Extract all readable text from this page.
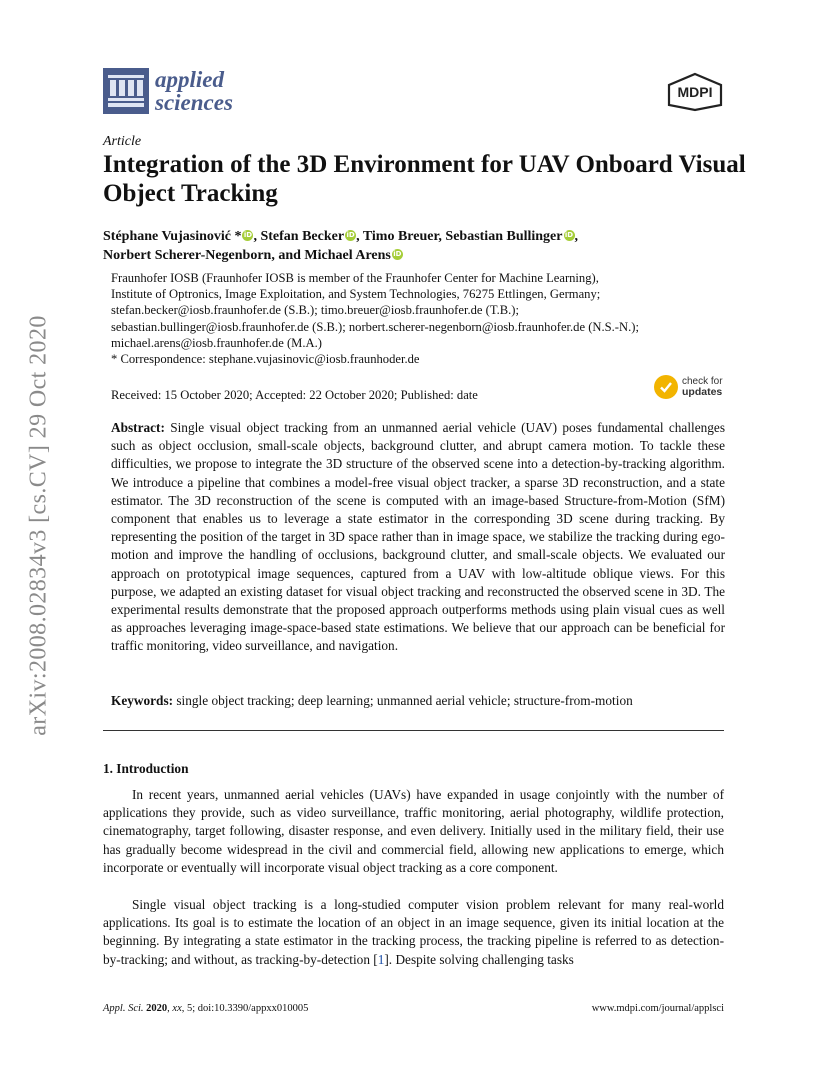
arXiv:2008.02834v3 [cs.CV] 29 Oct 2020
applied
sciences	MDPI
Article
Integration of the 3D Environment for UAV Onboard Visual Object Tracking
Stéphane Vujasinović * iD, Stefan Becker iD, Timo Breuer, Sebastian Bullinger iD,
Norbert Scherer-Negenborn, and Michael Arens iD
Fraunhofer IOSB (Fraunhofer IOSB is member of the Fraunhofer Center for Machine Learning),
Institute of Optronics, Image Exploitation, and System Technologies, 76275 Ettlingen, Germany;
stefan.becker@iosb.fraunhofer.de (S.B.); timo.breuer@iosb.fraunhofer.de (T.B.);
sebastian.bullinger@iosb.fraunhofer.de (S.B.); norbert.scherer-negenborn@iosb.fraunhofer.de (N.S.-N.);
michael.arens@iosb.fraunhofer.de (M.A.)
* Correspondence: stephane.vujasinovic@iosb.fraunhoder.de
Received: 15 October 2020; Accepted: 22 October 2020; Published: date
check for
updates

Abstract: Single visual object tracking from an unmanned aerial vehicle (UAV) poses fundamental challenges such as object occlusion, small-scale objects, background clutter, and abrupt camera motion. To tackle these difficulties, we propose to integrate the 3D structure of the observed scene into a detection-by-tracking algorithm. We introduce a pipeline that combines a model-free visual object tracker, a sparse 3D reconstruction, and a state estimator. The 3D reconstruction of the scene is computed with an image-based Structure-from-Motion (SfM) component that enables us to leverage a state estimator in the corresponding 3D scene during tracking. By representing the position of the target in 3D space rather than in image space, we stabilize the tracking during ego-motion and improve the handling of occlusions, background clutter, and small-scale objects. We evaluated our approach on prototypical image sequences, captured from a UAV with low-altitude oblique views. For this purpose, we adapted an existing dataset for visual object tracking and reconstructed the observed scene in 3D. The experimental results demonstrate that the proposed approach outperforms methods using plain visual cues as well as approaches leveraging image-space-based state estimations. We believe that our approach can be beneficial for traffic monitoring, video surveillance, and navigation.

Keywords: single object tracking; deep learning; unmanned aerial vehicle; structure-from-motion
1. Introduction

In recent years, unmanned aerial vehicles (UAVs) have expanded in usage conjointly with the number of applications they provide, such as video surveillance, traffic monitoring, aerial photography, wildlife protection, cinematography, target following, disaster response, and even delivery. Initially used in the military field, their use has gradually become widespread in the civil and commercial field, allowing new applications to emerge, which incorporate or eventually will incorporate visual object tracking as a core component.

Single visual object tracking is a long-studied computer vision problem relevant for many real-world applications. Its goal is to estimate the location of an object in an image sequence, given its initial location at the beginning. By integrating a state estimator in the tracking process, the tracking pipeline is referred to as detection-by-tracking; and without, as tracking-by-detection [1]. Despite solving challenging tasks

Appl. Sci. 2020, xx, 5; doi:10.3390/appxx010005	www.mdpi.com/journal/applsci
